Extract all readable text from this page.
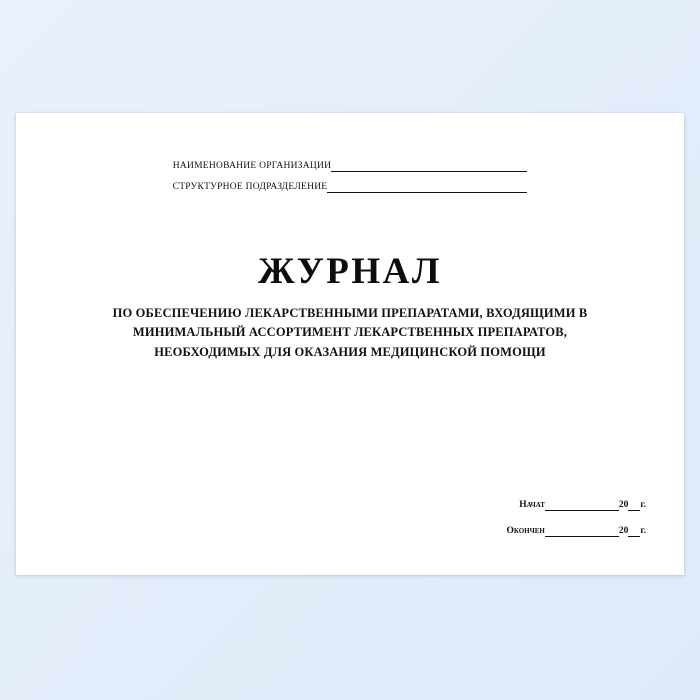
НАИМЕНОВАНИЕ ОРГАНИЗАЦИИ
СТРУКТУРНОЕ ПОДРАЗДЕЛЕНИЕ
ЖУРНАЛ
ПО ОБЕСПЕЧЕНИЮ ЛЕКАРСТВЕННЫМИ ПРЕПАРАТАМИ, ВХОДЯЩИМИ В МИНИМАЛЬНЫЙ АССОРТИМЕНТ ЛЕКАРСТВЕННЫХ ПРЕПАРАТОВ, НЕОБХОДИМЫХ ДЛЯ ОКАЗАНИЯ МЕДИЦИНСКОЙ ПОМОЩИ
Начат	20 г.
Окончен	20 г.
